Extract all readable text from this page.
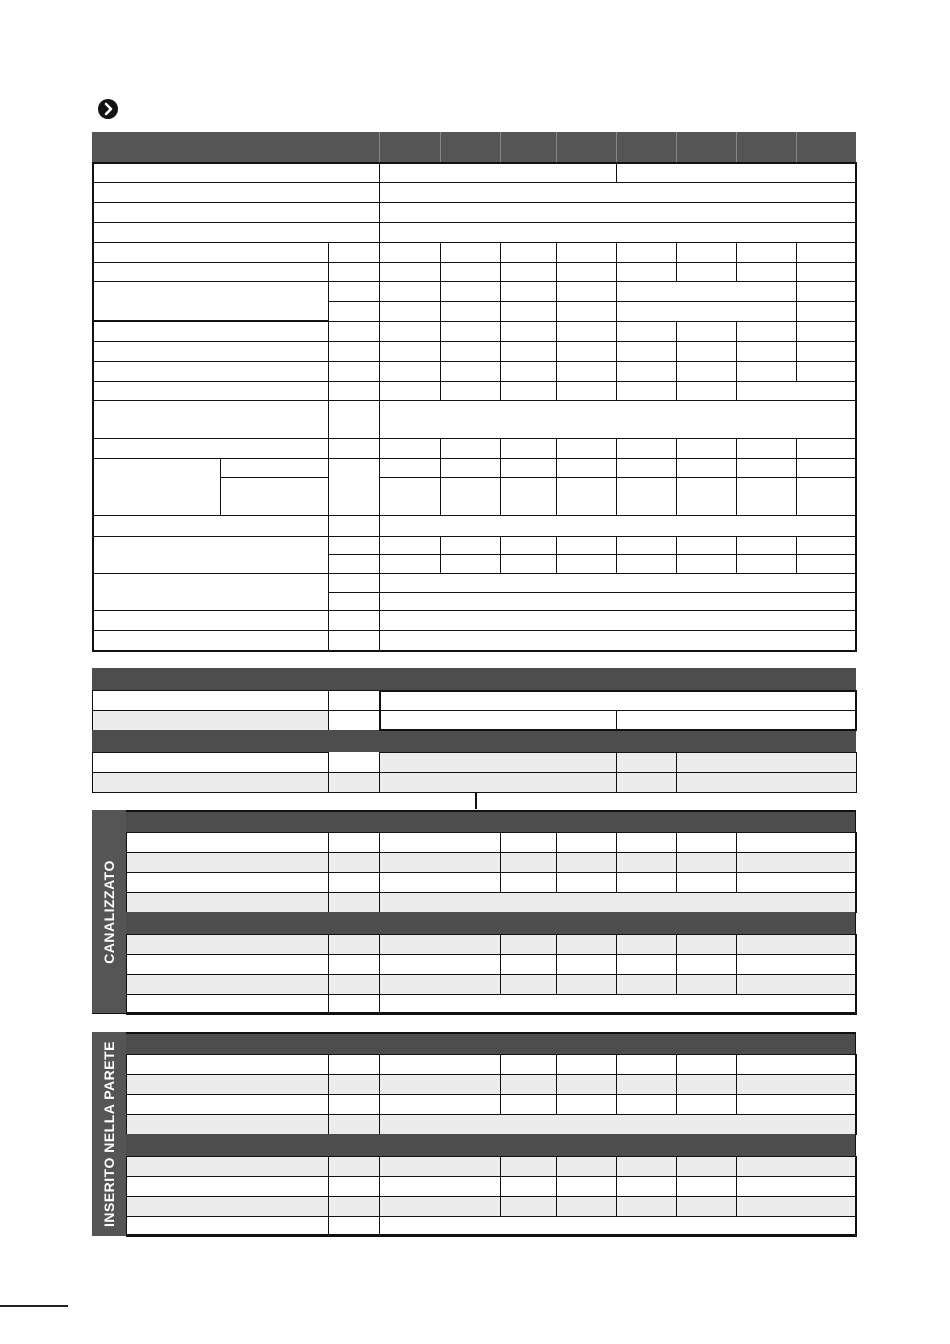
CANALIZZATO
INSERITO NELLA PARETE
